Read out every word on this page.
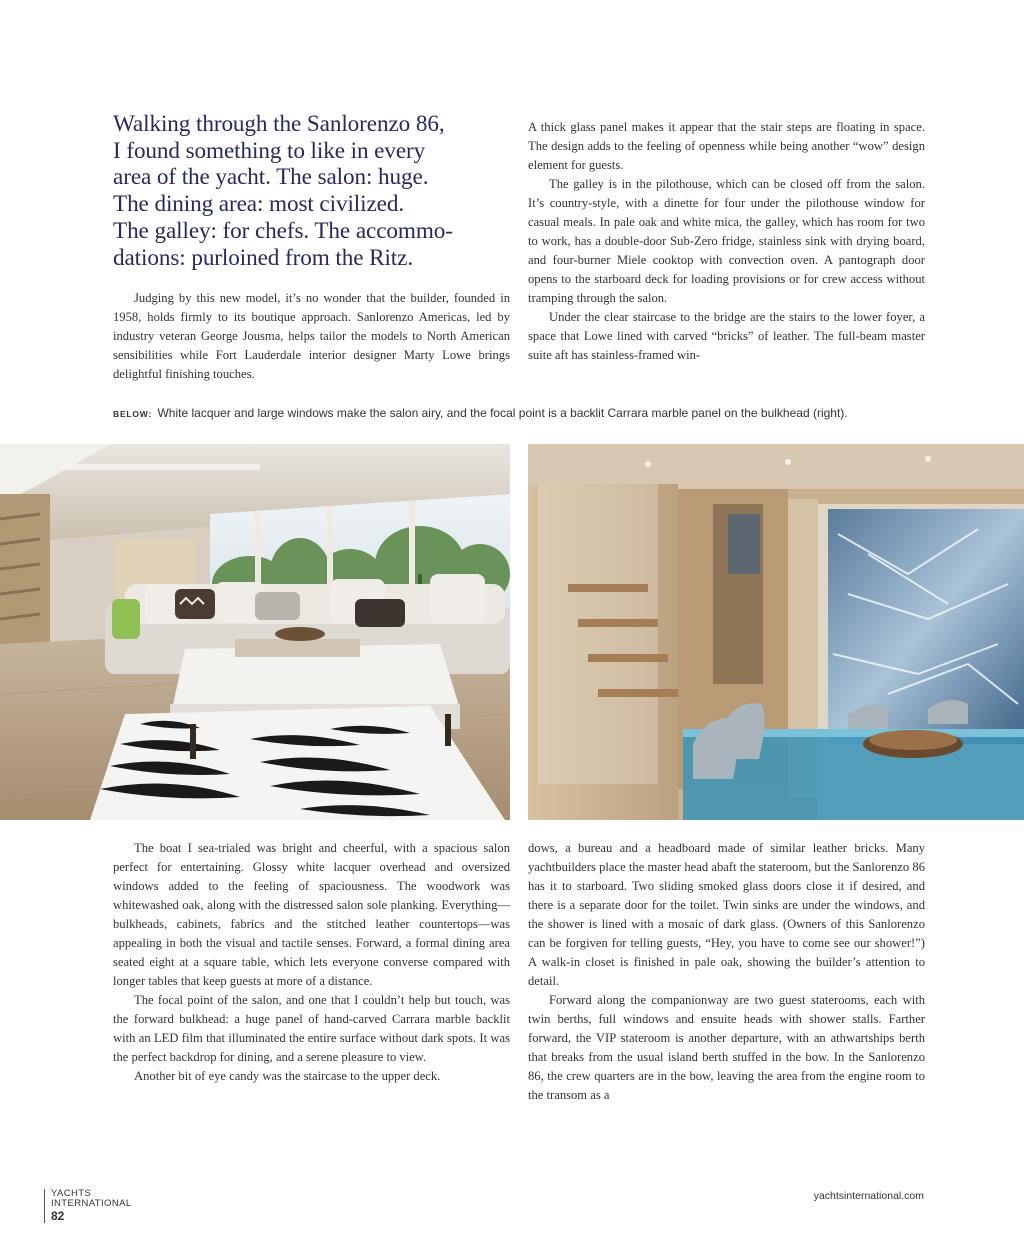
Walking through the Sanlorenzo 86,
I found something to like in every
area of the yacht. The salon: huge.
The dining area: most civilized.
The galley: for chefs. The accommo-
dations: purloined from the Ritz.

Judging by this new model, it’s no wonder that the builder, founded in 1958, holds firmly to its boutique approach. Sanlorenzo Americas, led by industry veteran George Jousma, helps tailor the models to North American sensibilities while Fort Lauderdale interior designer Marty Lowe brings delightful finishing touches.

A thick glass panel makes it appear that the stair steps are floating in space. The design adds to the feeling of openness while being another “wow” design element for guests.

The galley is in the pilothouse, which can be closed off from the salon. It’s country-style, with a dinette for four under the pilothouse window for casual meals. In pale oak and white mica, the galley, which has room for two to work, has a double-door Sub-Zero fridge, stainless sink with drying board, and four-burner Miele cooktop with convection oven. A pantograph door opens to the starboard deck for loading provisions or for crew access without tramping through the salon.

Under the clear staircase to the bridge are the stairs to the lower foyer, a space that Lowe lined with carved “bricks” of leather. The full-beam master suite aft has stainless-framed win-

BELOW: White lacquer and large windows make the salon airy, and the focal point is a backlit Carrara marble panel on the bulkhead (right).

The boat I sea-trialed was bright and cheerful, with a spacious salon perfect for entertaining. Glossy white lacquer overhead and oversized windows added to the feeling of spaciousness. The woodwork was whitewashed oak, along with the distressed salon sole planking. Everything—bulkheads, cabinets, fabrics and the stitched leather countertops—was appealing in both the visual and tactile senses. Forward, a formal dining area seated eight at a square table, which lets everyone converse compared with longer tables that keep guests at more of a distance.

The focal point of the salon, and one that I couldn’t help but touch, was the forward bulkhead: a huge panel of hand-carved Carrara marble backlit with an LED film that illuminated the entire surface without dark spots. It was the perfect backdrop for dining, and a serene pleasure to view.

Another bit of eye candy was the staircase to the upper deck.

dows, a bureau and a headboard made of similar leather bricks. Many yachtbuilders place the master head abaft the stateroom, but the Sanlorenzo 86 has it to starboard. Two sliding smoked glass doors close it if desired, and there is a separate door for the toilet. Twin sinks are under the windows, and the shower is lined with a mosaic of dark glass. (Owners of this Sanlorenzo can be forgiven for telling guests, “Hey, you have to come see our shower!”) A walk-in closet is finished in pale oak, showing the builder’s attention to detail.

Forward along the companionway are two guest staterooms, each with twin berths, full windows and ensuite heads with shower stalls. Farther forward, the VIP stateroom is another departure, with an athwartships berth that breaks from the usual island berth stuffed in the bow. In the Sanlorenzo 86, the crew quarters are in the bow, leaving the area from the engine room to the transom as a

YACHTS
INTERNATIONAL
82
yachtsinternational.com
